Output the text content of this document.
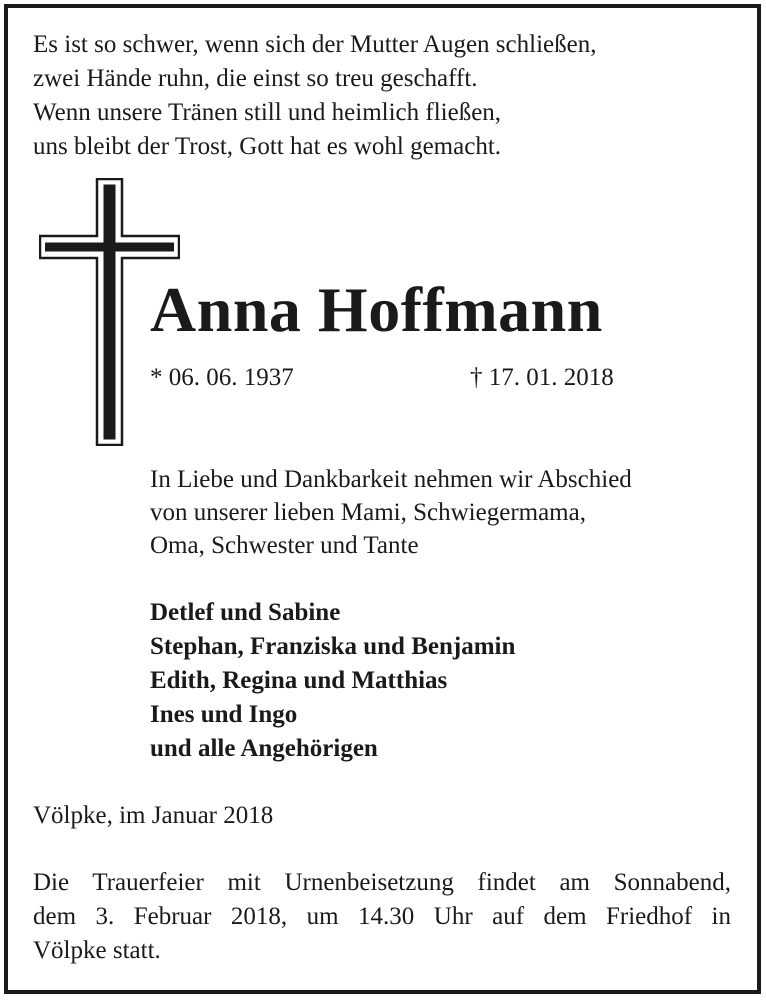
Es ist so schwer, wenn sich der Mutter Augen schließen,
zwei Hände ruhn, die einst so treu geschafft.
Wenn unsere Tränen still und heimlich fließen,
uns bleibt der Trost, Gott hat es wohl gemacht.
Anna Hoffmann
* 06. 06. 1937	† 17. 01. 2018
In Liebe und Dankbarkeit nehmen wir Abschied
von unserer lieben Mami, Schwiegermama,
Oma, Schwester und Tante
Detlef und Sabine
Stephan, Franziska und Benjamin
Edith, Regina und Matthias
Ines und Ingo
und alle Angehörigen
Völpke, im Januar 2018
Die Trauerfeier mit Urnenbeisetzung findet am Sonnabend,
dem 3. Februar 2018, um 14.30 Uhr auf dem Friedhof in
Völpke statt.
